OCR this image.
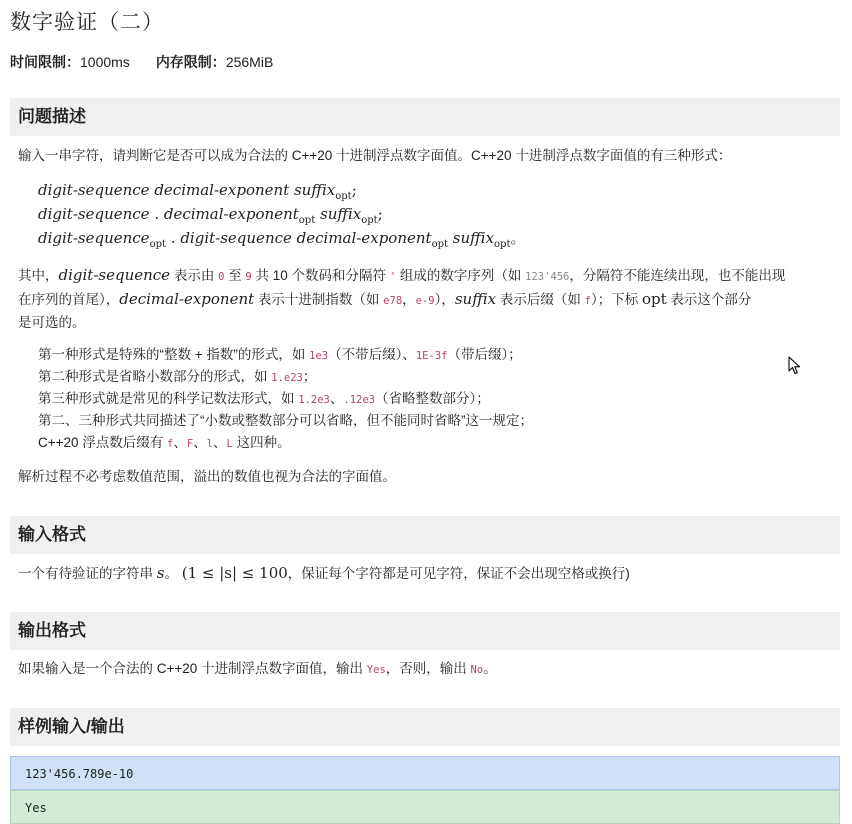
数字验证（二）
时间限制：1000ms 内存限制：256MiB
问题描述
输入一串字符，请判断它是否可以成为合法的 C++20 十进制浮点数字面值。C++20 十进制浮点数字面值的有三种形式：
digit-sequence decimal-exponent suffix$_{opt}$;
digit-sequence . decimal-exponent$_{opt}$ suffix$_{opt}$;
digit-sequence$_{opt}$ . digit-sequence decimal-exponent$_{opt}$ suffix$_{opt}$。
其中，digit-sequence 表示由 0 至 9 共 10 个数码和分隔符 ' 组成的数字序列（如 123'456，分隔符不能连续出现，也不能出现
在序列的首尾），decimal-exponent 表示十进制指数（如 e78，e-9），suffix 表示后缀（如 f）；下标 opt 表示这个部分
是可选的。
第一种形式是特殊的“整数 + 指数”的形式，如 1e3（不带后缀）、1E-3f（带后缀）；
第二种形式是省略小数部分的形式，如 1.e23；
第三种形式就是常见的科学记数法形式，如 1.2e3、.12e3（省略整数部分）；
第二、三种形式共同描述了“小数或整数部分可以省略，但不能同时省略”这一规定；
C++20 浮点数后缀有 f、F、l、L 这四种。
解析过程不必考虑数值范围，溢出的数值也视为合法的字面值。
输入格式
一个有待验证的字符串 s。 (1 ≤ |s| ≤ 100，保证每个字符都是可见字符，保证不会出现空格或换行)
输出格式
如果输入是一个合法的 C++20 十进制浮点数字面值，输出 Yes，否则，输出 No。
样例输入/输出
123'456.789e-10
Yes
